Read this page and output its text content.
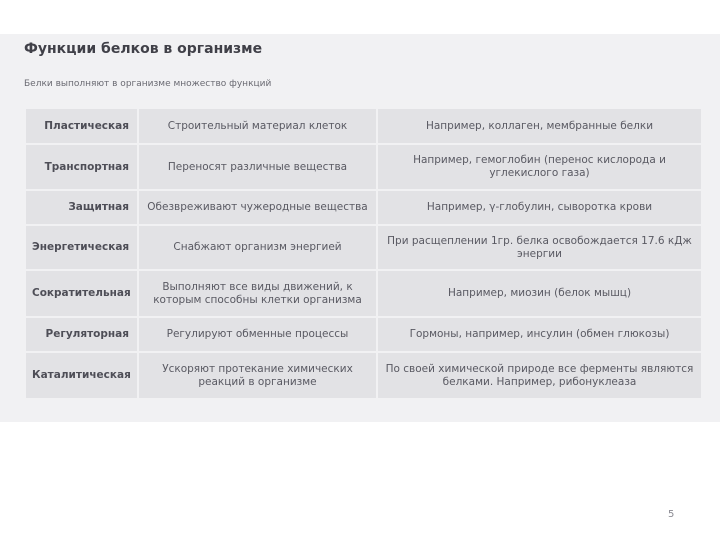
Функции белков в организме
Белки выполняют в организме множество функций
Пластическая	Строительный материал клеток	Например, коллаген, мембранные белки
Транспортная	Переносят различные вещества	Например, гемоглобин (перенос кислорода и углекислого газа)
Защитная	Обезвреживают чужеродные вещества	Например, γ-глобулин, сыворотка крови
Энергетическая	Снабжают организм энергией	При расщеплении 1гр. белка освобождается 17.6 кДж энергии
Сократительная	Выполняют все виды движений, к которым способны клетки организма	Например, миозин (белок мышц)
Регуляторная	Регулируют обменные процессы	Гормоны, например, инсулин (обмен глюкозы)
Каталитическая	Ускоряют протекание химических реакций в организме	По своей химической природе все ферменты являются белками. Например, рибонуклеаза
5
